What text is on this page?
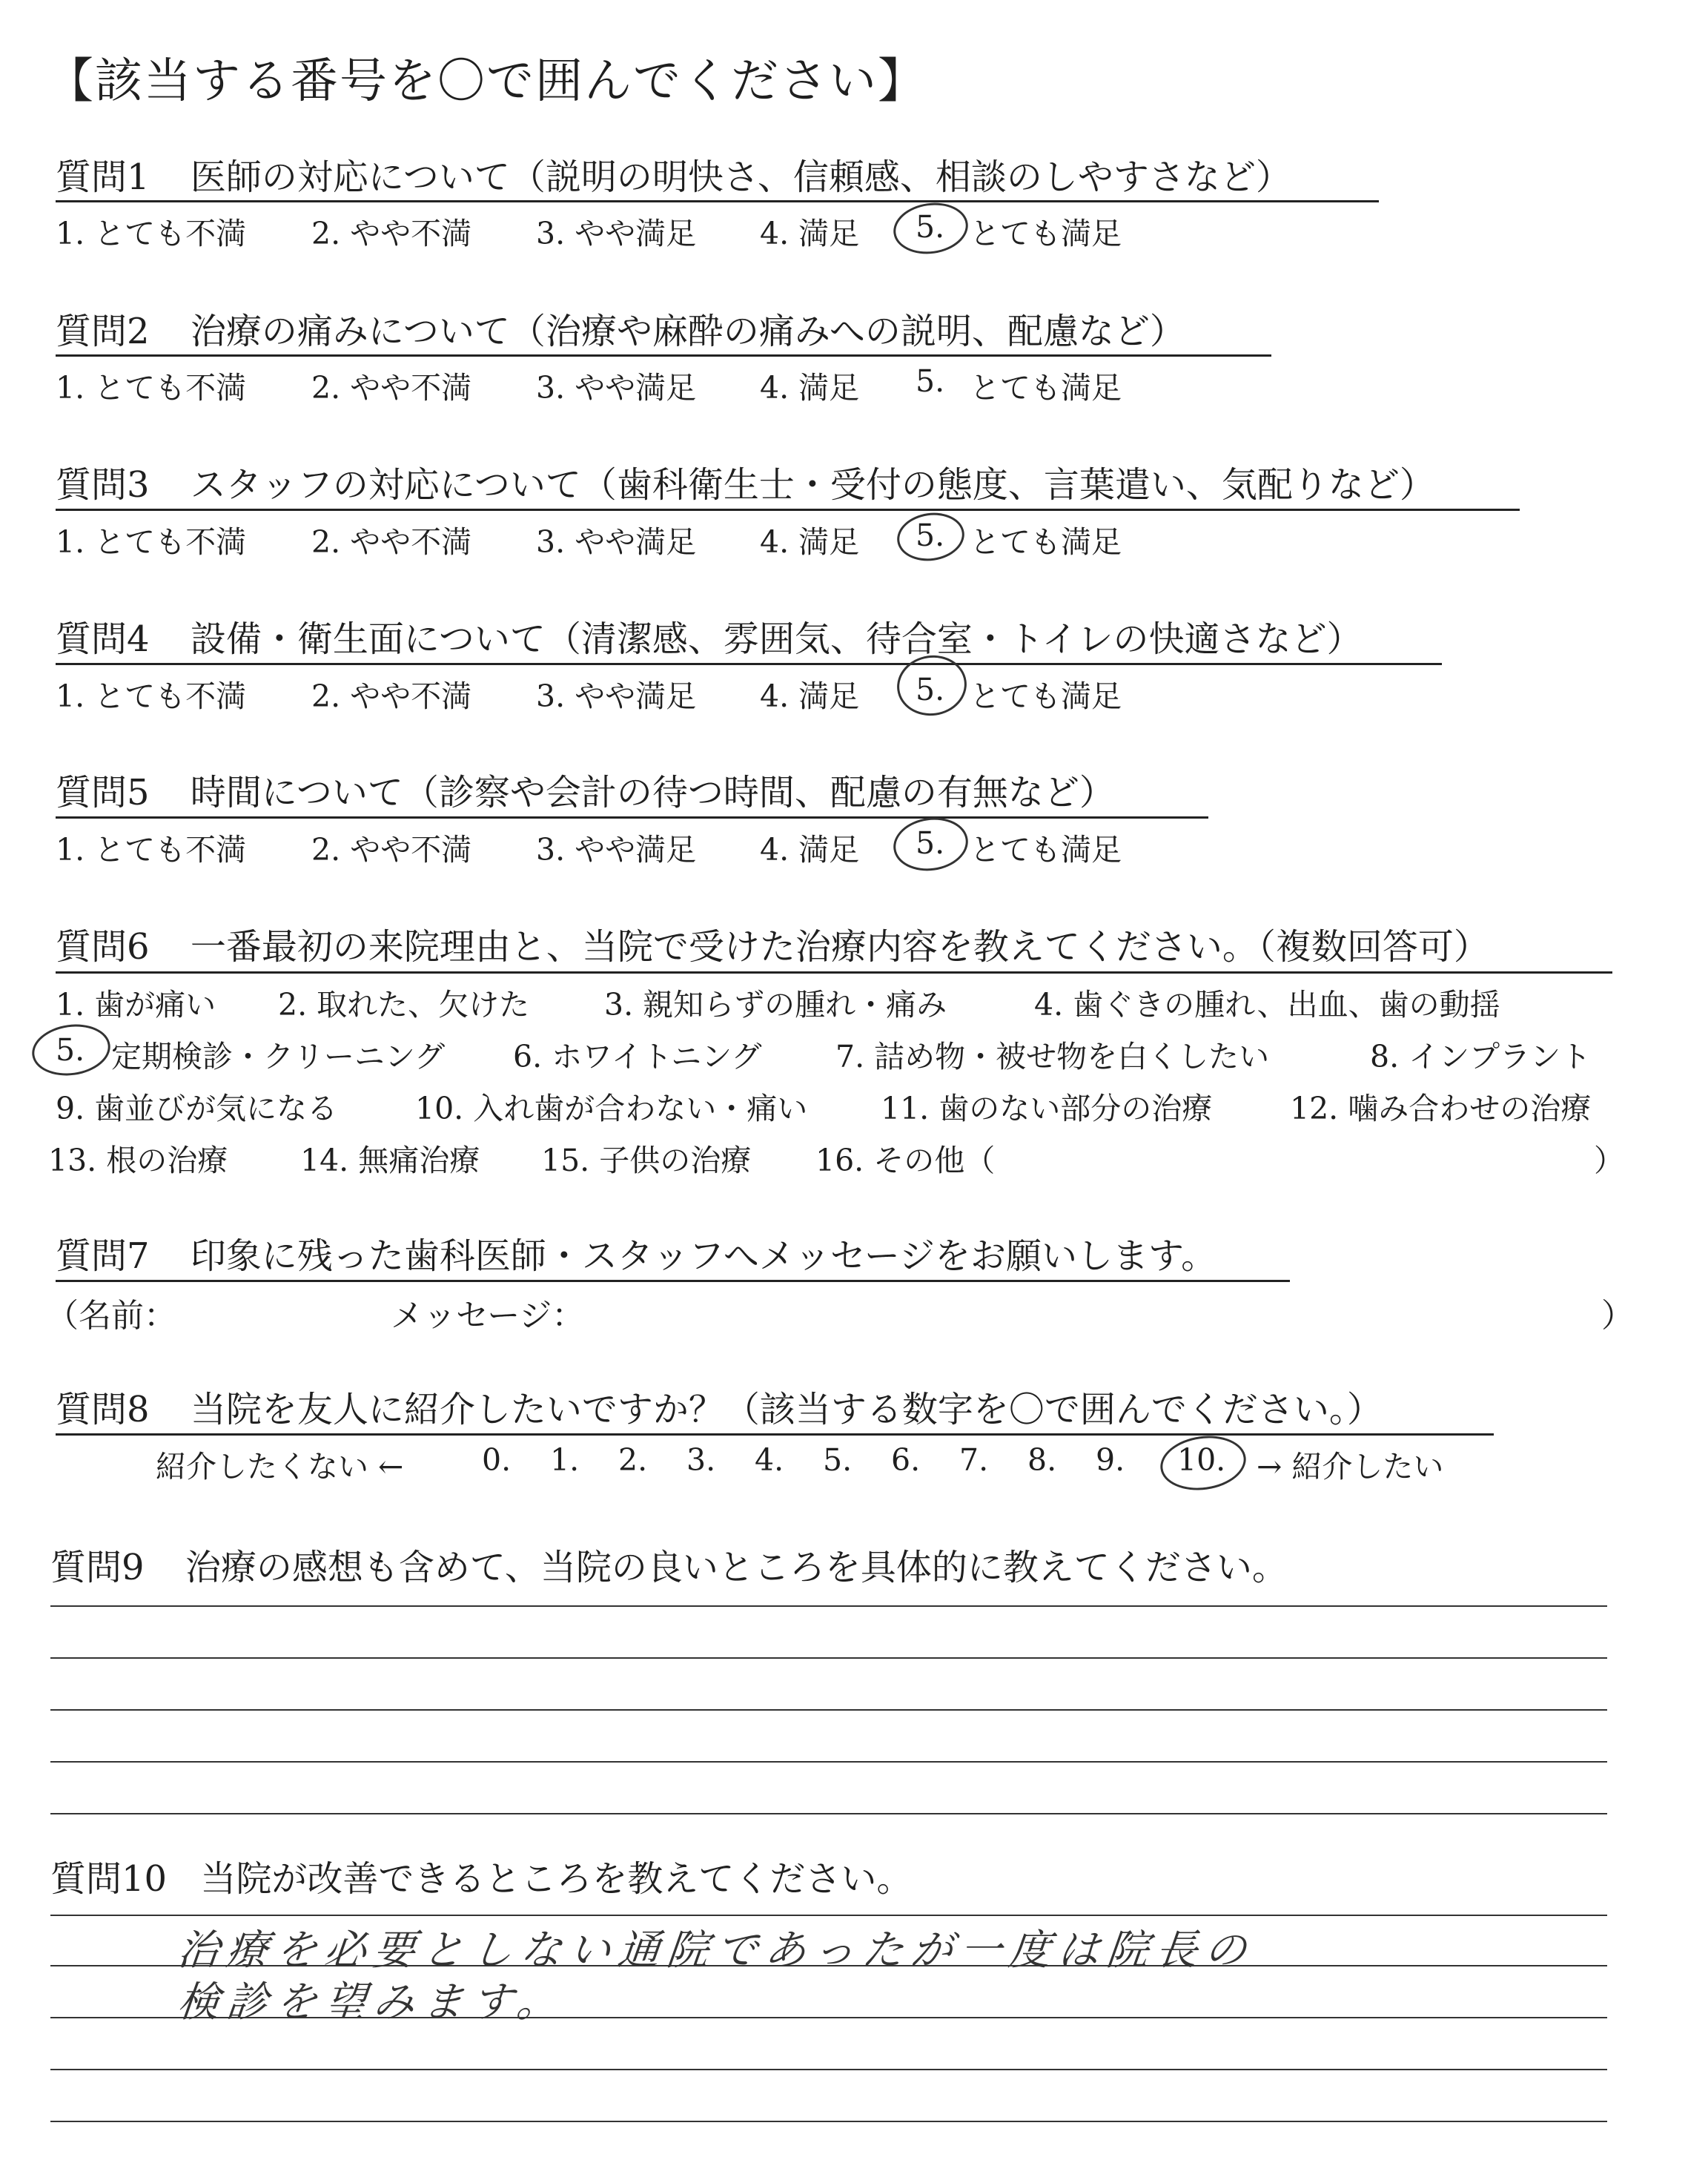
【該当する番号を〇で囲んでください】
質問1 医師の対応について（説明の明快さ、信頼感、相談のしやすさなど）
1. とても不満 2. やや不満 3. やや満足 4. 満足 5. とても満足
質問2 治療の痛みについて（治療や麻酔の痛みへの説明、配慮など）
1. とても不満 2. やや不満 3. やや満足 4. 満足 5. とても満足
質問3 スタッフの対応について（歯科衛生士・受付の態度、言葉遣い、気配りなど）
1. とても不満 2. やや不満 3. やや満足 4. 満足 5. とても満足
質問4 設備・衛生面について（清潔感、雰囲気、待合室・トイレの快適さなど）
1. とても不満 2. やや不満 3. やや満足 4. 満足 5. とても満足
質問5 時間について（診察や会計の待つ時間、配慮の有無など）
1. とても不満 2. やや不満 3. やや満足 4. 満足 5. とても満足
質問6 一番最初の来院理由と、当院で受けた治療内容を教えてください。（複数回答可）
1. 歯が痛い 2. 取れた、欠けた 3. 親知らずの腫れ・痛み	4. 歯ぐきの腫れ、出血、歯の動揺
5. 定期検診・クリーニング 6. ホワイトニング 7. 詰め物・被せ物を白くしたい	8. インプラント
9. 歯並びが気になる	10. 入れ歯が合わない・痛い 11. 歯のない部分の治療	12. 噛み合わせの治療
13. 根の治療 14. 無痛治療 15. 子供の治療 16. その他（	）
質問7 印象に残った歯科医師・スタッフへメッセージをお願いします。
（名前：	メッセージ：	）
質問8 当院を友人に紹介したいですか？（該当する数字を〇で囲んでください。）
紹介したくない ←	0. 1. 2. 3. 4. 5. 6. 7. 8. 9. 10. → 紹介したい
質問9 治療の感想も含めて、当院の良いところを具体的に教えてください。
質問10 当院が改善できるところを教えてください。
治療を必要としない通院であったが一度は院長の
検診を望みます。
